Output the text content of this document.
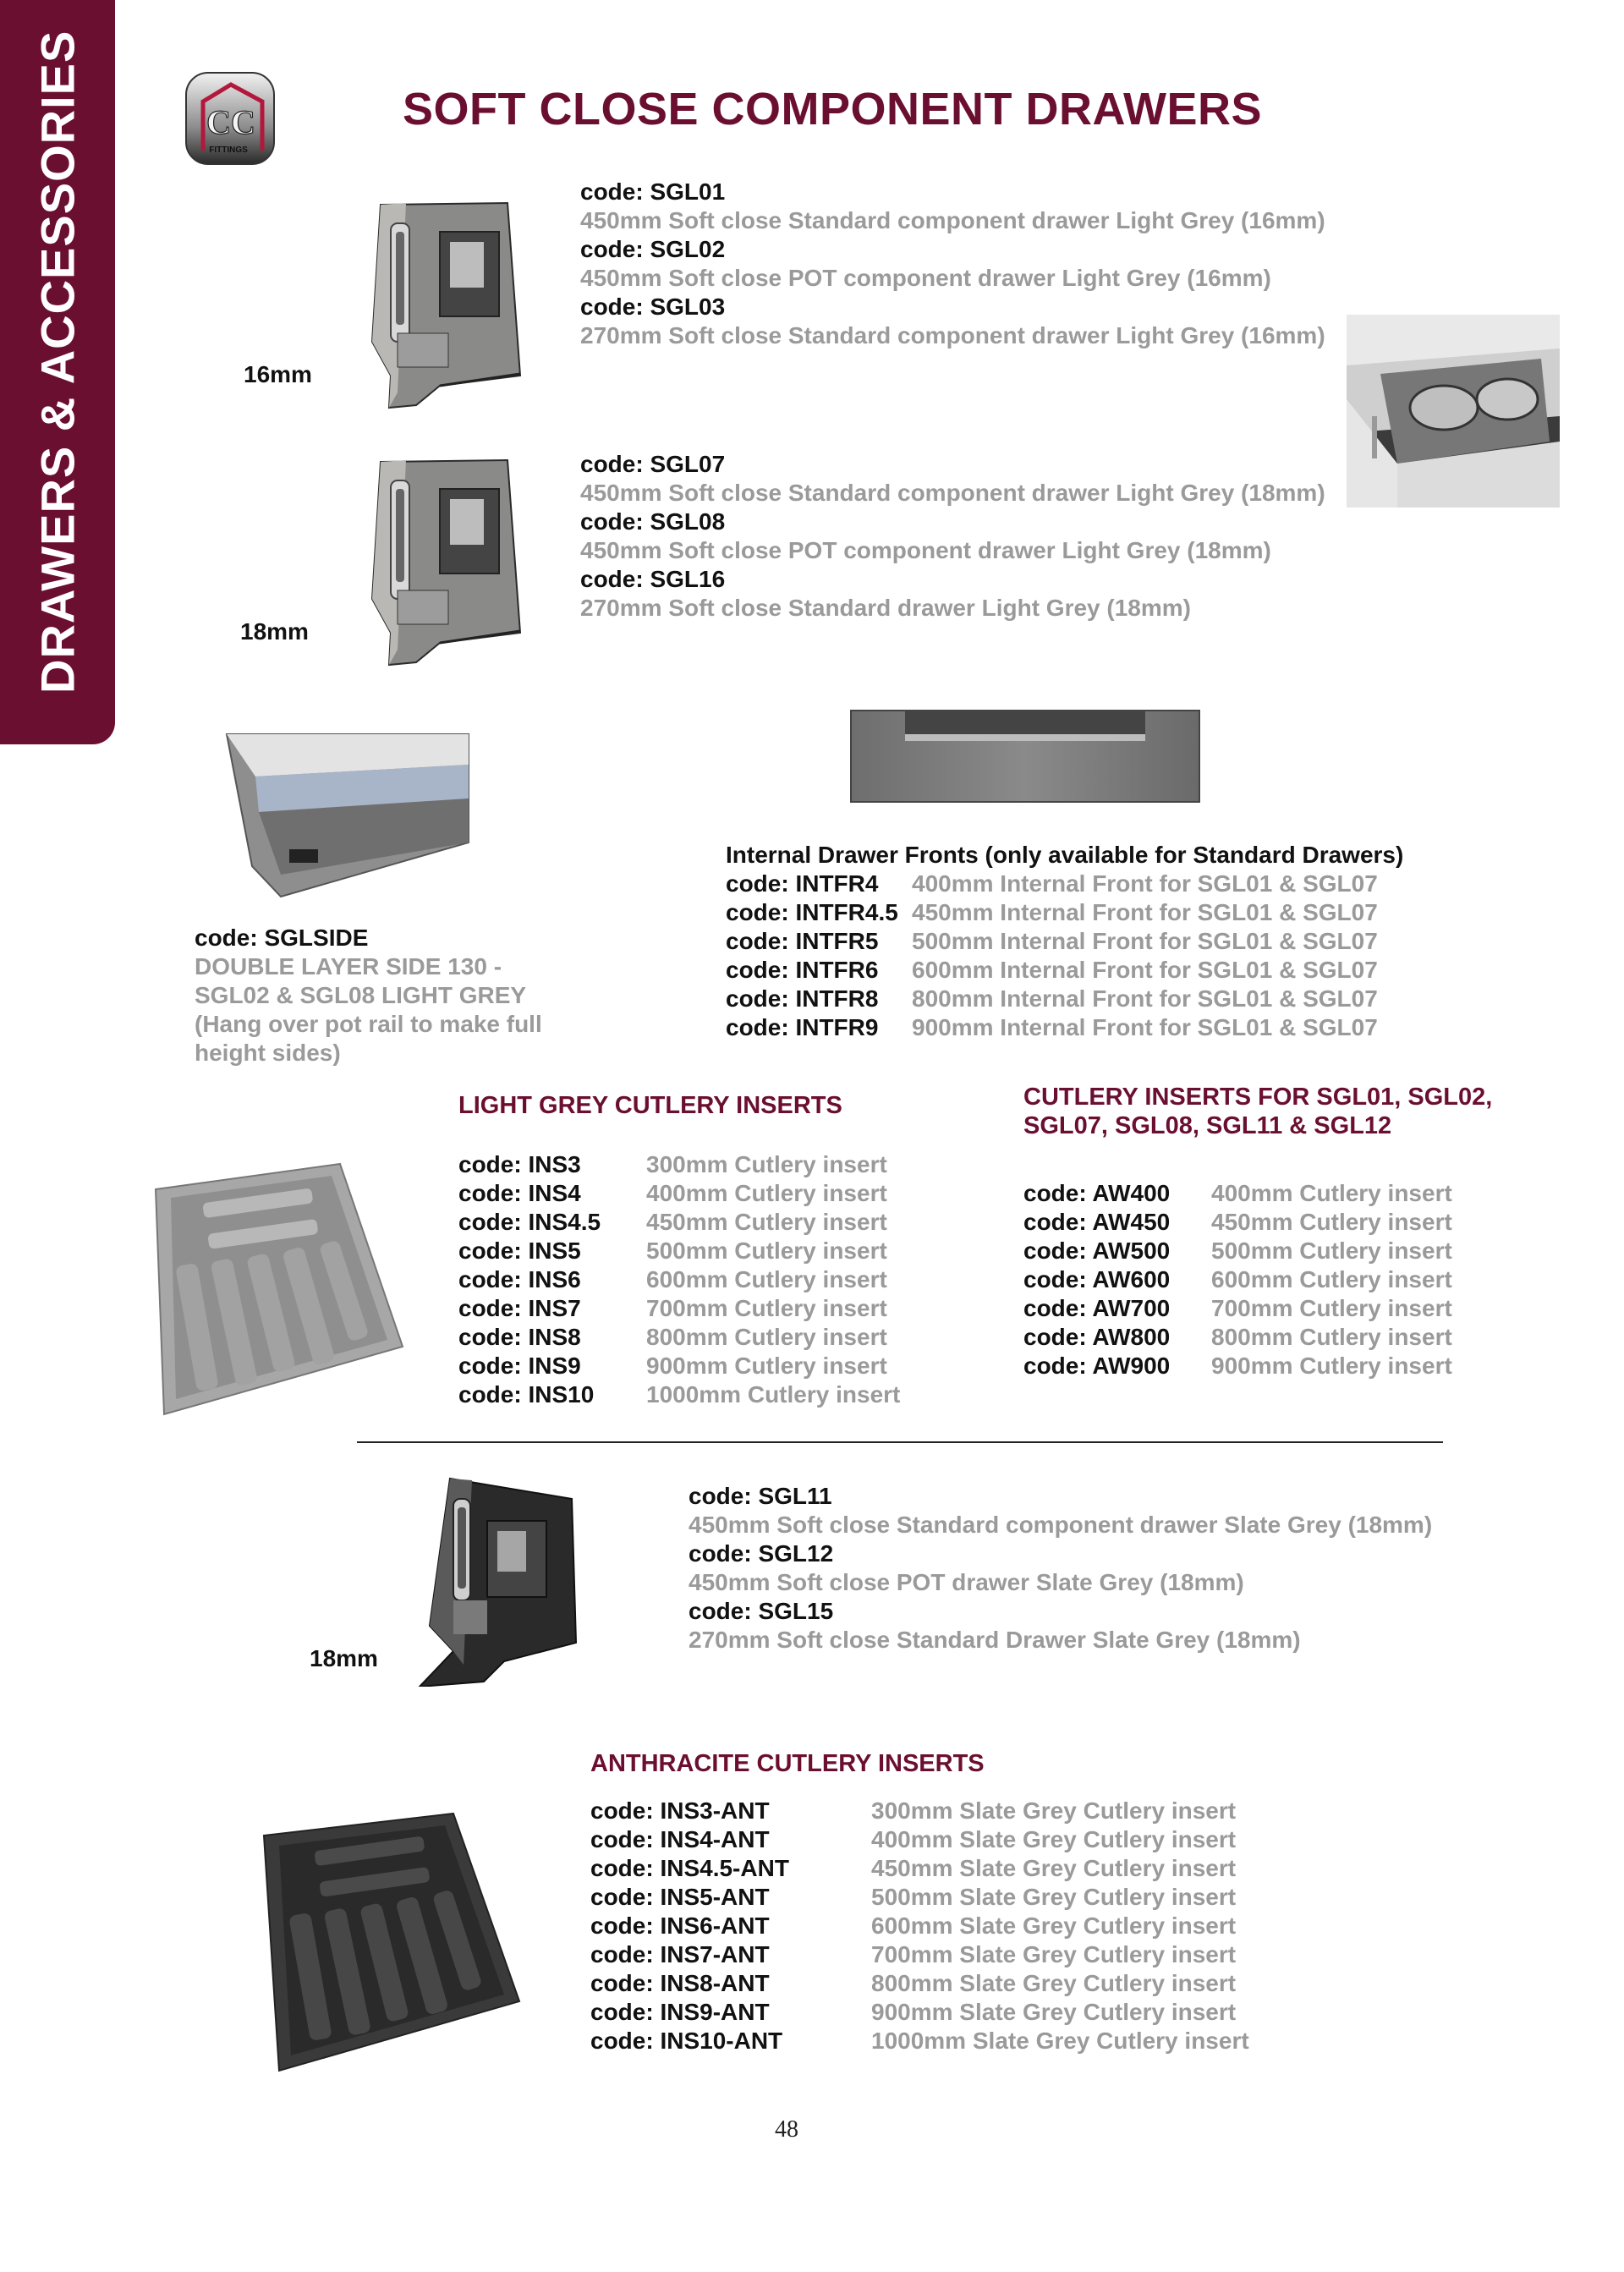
DRAWERS & ACCESSORIES	CC
FITTINGS
SOFT CLOSE COMPONENT DRAWERS
16mm
code: SGL01
450mm Soft close Standard component drawer Light Grey (16mm)
code: SGL02
450mm Soft close POT component drawer Light Grey (16mm)
code: SGL03
270mm Soft close Standard component drawer Light Grey (16mm)
18mm
code: SGL07
450mm Soft close Standard component drawer Light Grey (18mm)
code: SGL08
450mm Soft close POT component drawer Light Grey (18mm)
code: SGL16
270mm Soft close Standard drawer Light Grey (18mm)
code: SGLSIDE
DOUBLE LAYER SIDE 130 -
SGL02 & SGL08 LIGHT GREY
(Hang over pot rail to make full
height sides)
Internal Drawer Fronts (only available for Standard Drawers)
code: INTFR4 400mm Internal Front for SGL01 & SGL07
code: INTFR4.5 450mm Internal Front for SGL01 & SGL07
code: INTFR5 500mm Internal Front for SGL01 & SGL07
code: INTFR6 600mm Internal Front for SGL01 & SGL07
code: INTFR8 800mm Internal Front for SGL01 & SGL07
code: INTFR9 900mm Internal Front for SGL01 & SGL07
LIGHT GREY CUTLERY INSERTS
code: INS3	300mm Cutlery insert
code: INS4	400mm Cutlery insert
code: INS4.5 450mm Cutlery insert
code: INS5	500mm Cutlery insert
code: INS6	600mm Cutlery insert
code: INS7	700mm Cutlery insert
code: INS8	800mm Cutlery insert
code: INS9	900mm Cutlery insert
code: INS10 1000mm Cutlery insert
CUTLERY INSERTS FOR SGL01, SGL02,
SGL07, SGL08, SGL11 & SGL12
code: AW400 400mm Cutlery insert
code: AW450 450mm Cutlery insert
code: AW500 500mm Cutlery insert
code: AW600 600mm Cutlery insert
code: AW700 700mm Cutlery insert
code: AW800 800mm Cutlery insert
code: AW900 900mm Cutlery insert
18mm
code: SGL11
450mm Soft close Standard component drawer Slate Grey (18mm)
code: SGL12
450mm Soft close POT drawer Slate Grey (18mm)
code: SGL15
270mm Soft close Standard Drawer Slate Grey (18mm)
ANTHRACITE CUTLERY INSERTS
code: INS3-ANT	300mm Slate Grey Cutlery insert
code: INS4-ANT	400mm Slate Grey Cutlery insert
code: INS4.5-ANT	450mm Slate Grey Cutlery insert
code: INS5-ANT	500mm Slate Grey Cutlery insert
code: INS6-ANT	600mm Slate Grey Cutlery insert
code: INS7-ANT	700mm Slate Grey Cutlery insert
code: INS8-ANT	800mm Slate Grey Cutlery insert
code: INS9-ANT	900mm Slate Grey Cutlery insert
code: INS10-ANT	1000mm Slate Grey Cutlery insert
48
